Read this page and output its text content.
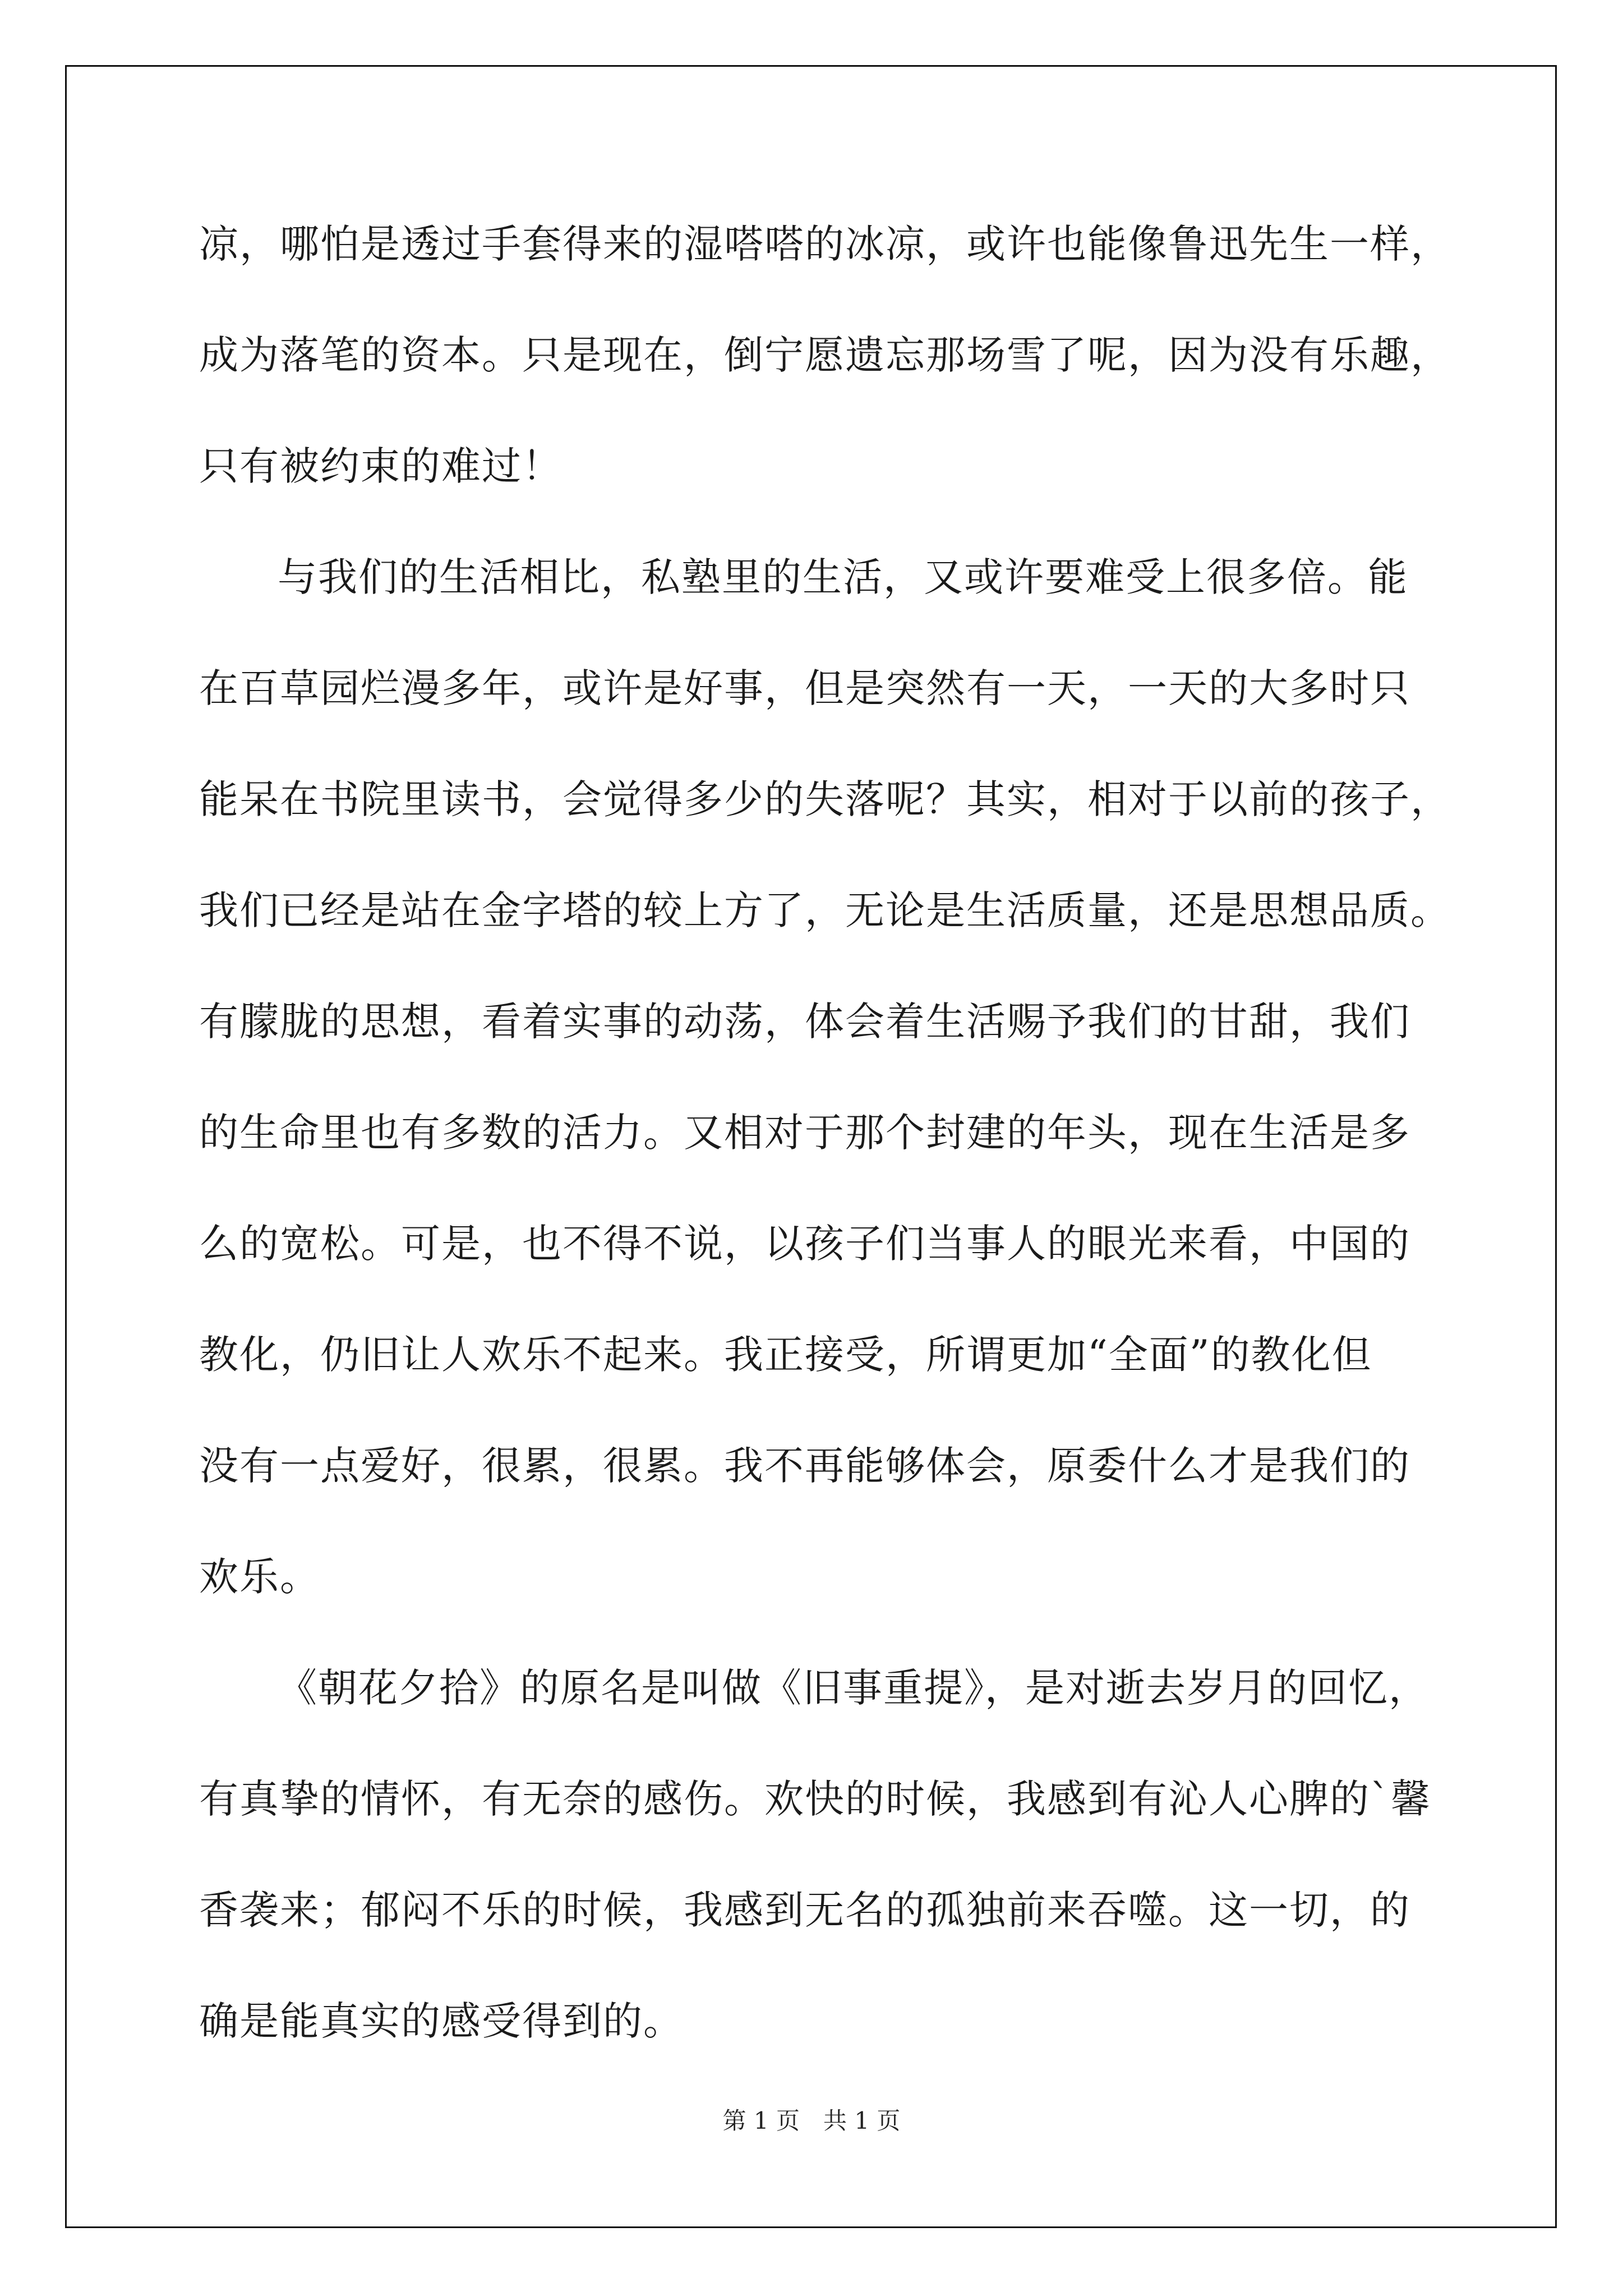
凉，哪怕是透过手套得来的湿嗒嗒的冰凉，或许也能像鲁迅先生一样，
成为落笔的资本。只是现在，倒宁愿遗忘那场雪了呢，因为没有乐趣，
只有被约束的难过！
与我们的生活相比，私塾里的生活，又或许要难受上很多倍。能
在百草园烂漫多年，或许是好事，但是突然有一天，一天的大多时只
能呆在书院里读书，会觉得多少的失落呢？其实，相对于以前的孩子，
我们已经是站在金字塔的较上方了，无论是生活质量，还是思想品质。
有朦胧的思想，看着实事的动荡，体会着生活赐予我们的甘甜，我们
的生命里也有多数的活力。又相对于那个封建的年头，现在生活是多
么的宽松。可是，也不得不说，以孩子们当事人的眼光来看，中国的
教化，仍旧让人欢乐不起来。我正接受，所谓更加“全面”的教化但
没有一点爱好，很累，很累。我不再能够体会，原委什么才是我们的
欢乐。
《朝花夕拾》的原名是叫做《旧事重提》，是对逝去岁月的回忆，
有真挚的情怀，有无奈的感伤。欢快的时候，我感到有沁人心脾的`馨
香袭来；郁闷不乐的时候，我感到无名的孤独前来吞噬。这一切，的
确是能真实的感受得到的。
第 1 页　共 1 页
